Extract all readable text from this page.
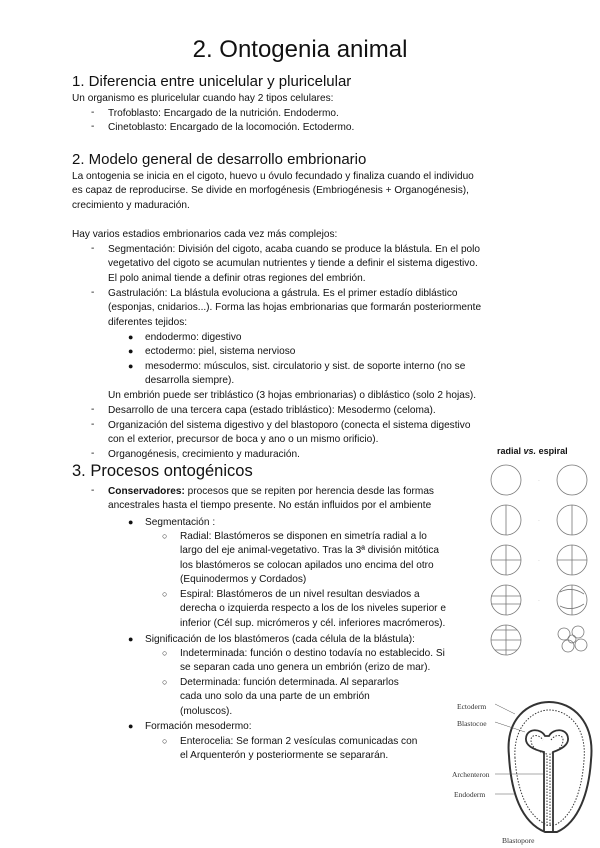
2. Ontogenia animal
1. Diferencia entre unicelular y pluricelular

Un organismo es pluricelular cuando hay 2 tipos celulares:

- Trofoblasto: Encargado de la nutrición. Endodermo.

- Cinetoblasto: Encargado de la locomoción. Ectodermo.

2. Modelo general de desarrollo embrionario
La ontogenia se inicia en el cigoto, huevo u óvulo fecundado y finaliza cuando el individuo
es capaz de reproducirse. Se divide en morfogénesis (Embriogénesis + Organogénesis),
crecimiento y maduración.

Hay varios estadios embrionarios cada vez más complejos:

- Segmentación: División del cigoto, acaba cuando se produce la blástula. En el polo
vegetativo del cigoto se acumulan nutrientes y tiende a definir el sistema digestivo.
El polo animal tiende a definir otras regiones del embrión.
- Gastrulación: La blástula evoluciona a gástrula. Es el primer estadío diblástico
(esponjas, cnidarios...). Forma las hojas embrionarias que formarán posteriormente
diferentes tejidos:
● endodermo: digestivo

● ectodermo: piel, sistema nervioso

● mesodermo: músculos, sist. circulatorio y sist. de soporte interno (no se

desarrolla siempre).

Un embrión puede ser triblástico (3 hojas embrionarias) o diblástico (solo 2 hojas).

- Desarrollo de una tercera capa (estado triblástico): Mesodermo (celoma).

- Organización del sistema digestivo y del blastoporo (conecta el sistema digestivo
con el exterior, precursor de boca y ano o un mismo orificio).
- Organogénesis, crecimiento y maduración.

3. Procesos ontogénicos
- Conservadores: procesos que se repiten por herencia desde las formas
ancestrales hasta el tiempo presente. No están influidos por el ambiente
● Segmentación :

○ Radial: Blastómeros se disponen en simetría radial a lo
largo del eje animal-vegetativo. Tras la 3ª división mitótica
los blastómeros se colocan apilados uno encima del otro
(Equinodermos y Cordados)
○ Espiral: Blastómeros de un nivel resultan desviados a
derecha o izquierda respecto a los de los niveles superior e
inferior (Cél sup. micrómeros y cél. inferiores macrómeros).
● Significación de los blastómeros (cada célula de la blástula):

○ Indeterminada: función o destino todavía no establecido. Si
se separan cada uno genera un embrión (erizo de mar).
○ Determinada: función determinada. Al separarlos
cada uno solo da una parte de un embrión
(moluscos).
● Formación mesodermo:

○ Enterocelia: Se forman 2 vesículas comunicadas con
el Arquenterón y posteriormente se separarán.
radial vs. espiral
·
·
·
·
Ectoderm
Blastocoe
Archenteron
Endoderm
Blastopore
